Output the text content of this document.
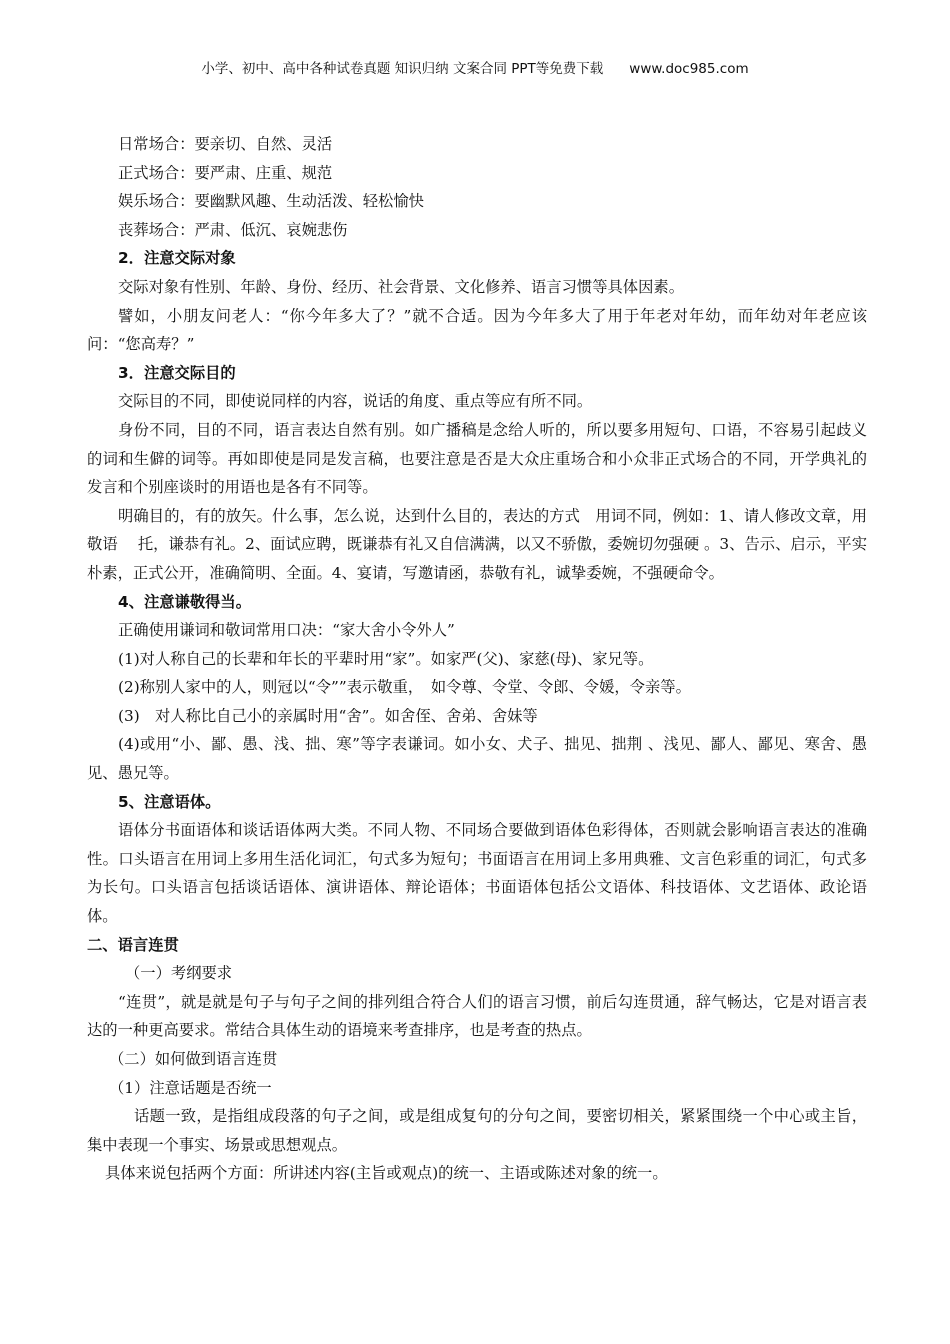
小学、初中、高中各种试卷真题 知识归纳 文案合同 PPT等免费下载 www.doc985.com

日常场合：要亲切、自然、灵活

正式场合：要严肃、庄重、规范

娱乐场合：要幽默风趣、生动活泼、轻松愉快

丧葬场合：严肃、低沉、哀婉悲伤

2．注意交际对象

交际对象有性别、年龄、身份、经历、社会背景、文化修养、语言习惯等具体因素。

譬如，小朋友问老人：“你今年多大了？”就不合适。因为今年多大了用于年老对年幼，而年幼对年老应该问：“您高寿？”

3．注意交际目的

交际目的不同，即使说同样的内容，说话的角度、重点等应有所不同。

身份不同，目的不同，语言表达自然有别。如广播稿是念给人听的，所以要多用短句、口语，不容易引起歧义的词和生僻的词等。再如即使是同是发言稿，也要注意是否是大众庄重场合和小众非正式场合的不同，开学典礼的发言和个别座谈时的用语也是各有不同等。

明确目的，有的放矢。什么事，怎么说，达到什么目的，表达的方式　用词不同，例如：1、请人修改文章，用敬语　 托，谦恭有礼。2、面试应聘，既谦恭有礼又自信满满，以又不骄傲，委婉切勿强硬 。3、告示、启示，平实朴素，正式公开，准确简明、全面。4、宴请，写邀请函，恭敬有礼，诚挚委婉，不强硬命令。

4、注意谦敬得当。

正确使用谦词和敬词常用口决：“家大舍小令外人”

(1)对人称自己的长辈和年长的平辈时用“家”。如家严(父)、家慈(母)、家兄等。

(2)称别人家中的人，则冠以“令””表示敬重，　如令尊、令堂、令郎、令媛，令亲等。

(3)　对人称比自己小的亲属时用“舍”。如舍侄、舍弟、舍妹等

(4)或用“小、鄙、愚、浅、拙、寒”等字表谦词。如小女、犬子、拙见、拙荆 、浅见、鄙人、鄙见、寒舍、愚见、愚兄等。

5、注意语体。

语体分书面语体和谈话语体两大类。不同人物、不同场合要做到语体色彩得体，否则就会影响语言表达的准确性。口头语言在用词上多用生活化词汇，句式多为短句；书面语言在用词上多用典雅、文言色彩重的词汇，句式多为长句。口头语言包括谈话语体、演讲语体、辩论语体；书面语体包括公文语体、科技语体、文艺语体、政论语体。

二、语言连贯

（一）考纲要求

“连贯”，就是就是句子与句子之间的排列组合符合人们的语言习惯，前后勾连贯通，辞气畅达，它是对语言表达的一种更高要求。常结合具体生动的语境来考查排序，也是考查的热点。

（二）如何做到语言连贯

（1）注意话题是否统一

话题一致，是指组成段落的句子之间，或是组成复句的分句之间，要密切相关，紧紧围绕一个中心或主旨，集中表现一个事实、场景或思想观点。

具体来说包括两个方面：所讲述内容(主旨或观点)的统一、主语或陈述对象的统一。
